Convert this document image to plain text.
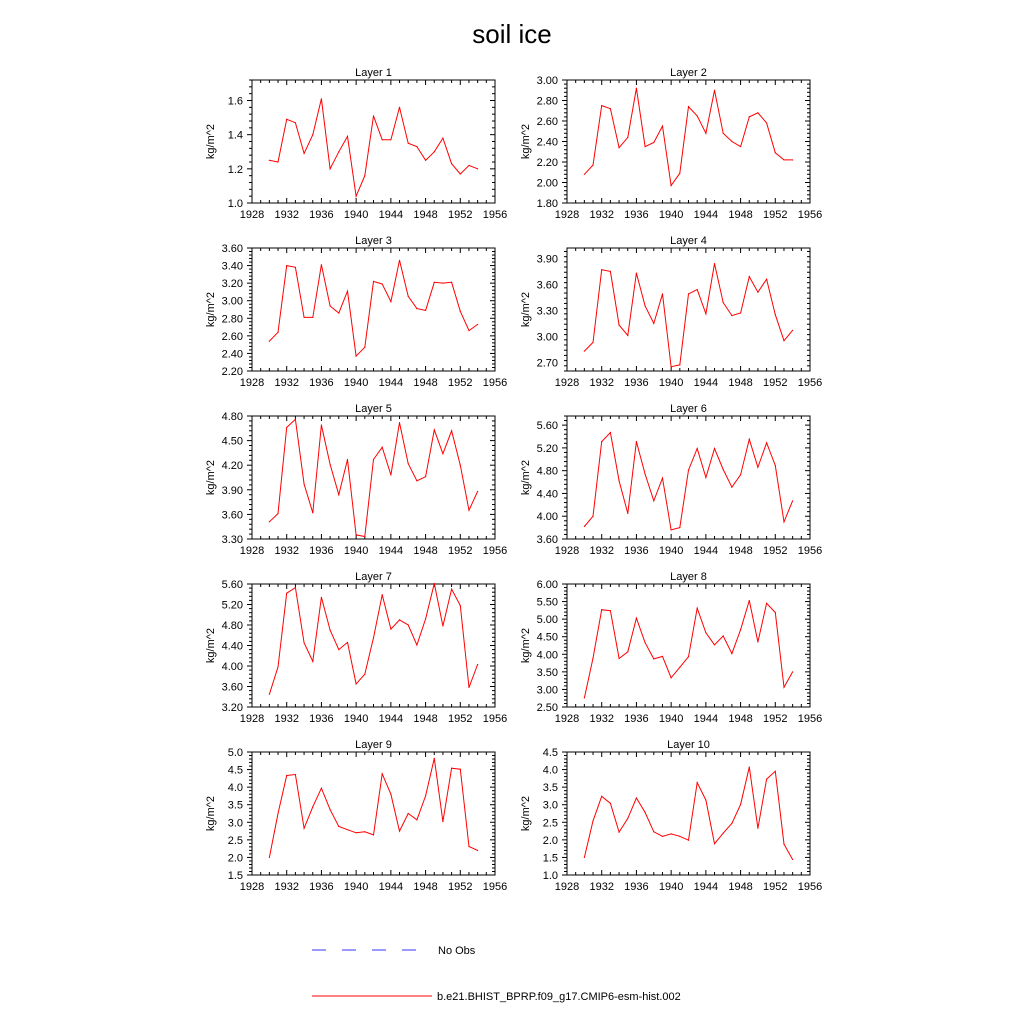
soil ice
Layer 1
kg/m^2
1928 1932 1936 1940 1944 1948 1952 1956
1.0
1.2
1.4
1.6
Layer 2
kg/m^2
1928 1932 1936 1940 1944 1948 1952 1956
1.80
2.00
2.20
2.40
2.60
2.80
3.00
Layer 3
kg/m^2
1928 1932 1936 1940 1944 1948 1952 1956
2.20
2.40
2.60
2.80
3.00
3.20
3.40
3.60
Layer 4
kg/m^2
1928 1932 1936 1940 1944 1948 1952 1956
2.70
3.00
3.30
3.60
3.90
Layer 5
kg/m^2
1928 1932 1936 1940 1944 1948 1952 1956
3.30
3.60
3.90
4.20
4.50
4.80
Layer 6
kg/m^2
1928 1932 1936 1940 1944 1948 1952 1956
3.60
4.00
4.40
4.80
5.20
5.60
Layer 7
kg/m^2
1928 1932 1936 1940 1944 1948 1952 1956
3.20
3.60
4.00
4.40
4.80
5.20
5.60
Layer 8
kg/m^2
1928 1932 1936 1940 1944 1948 1952 1956
2.50
3.00
3.50
4.00
4.50
5.00
5.50
6.00
Layer 9
kg/m^2
1928 1932 1936 1940 1944 1948 1952 1956
1.5
2.0
2.5
3.0
3.5
4.0
4.5
5.0
Layer 10
kg/m^2
1928 1932 1936 1940 1944 1948 1952 1956
1.0
1.5
2.0
2.5
3.0
3.5
4.0
4.5
No Obs
b.e21.BHIST_BPRP.f09_g17.CMIP6-esm-hist.002
